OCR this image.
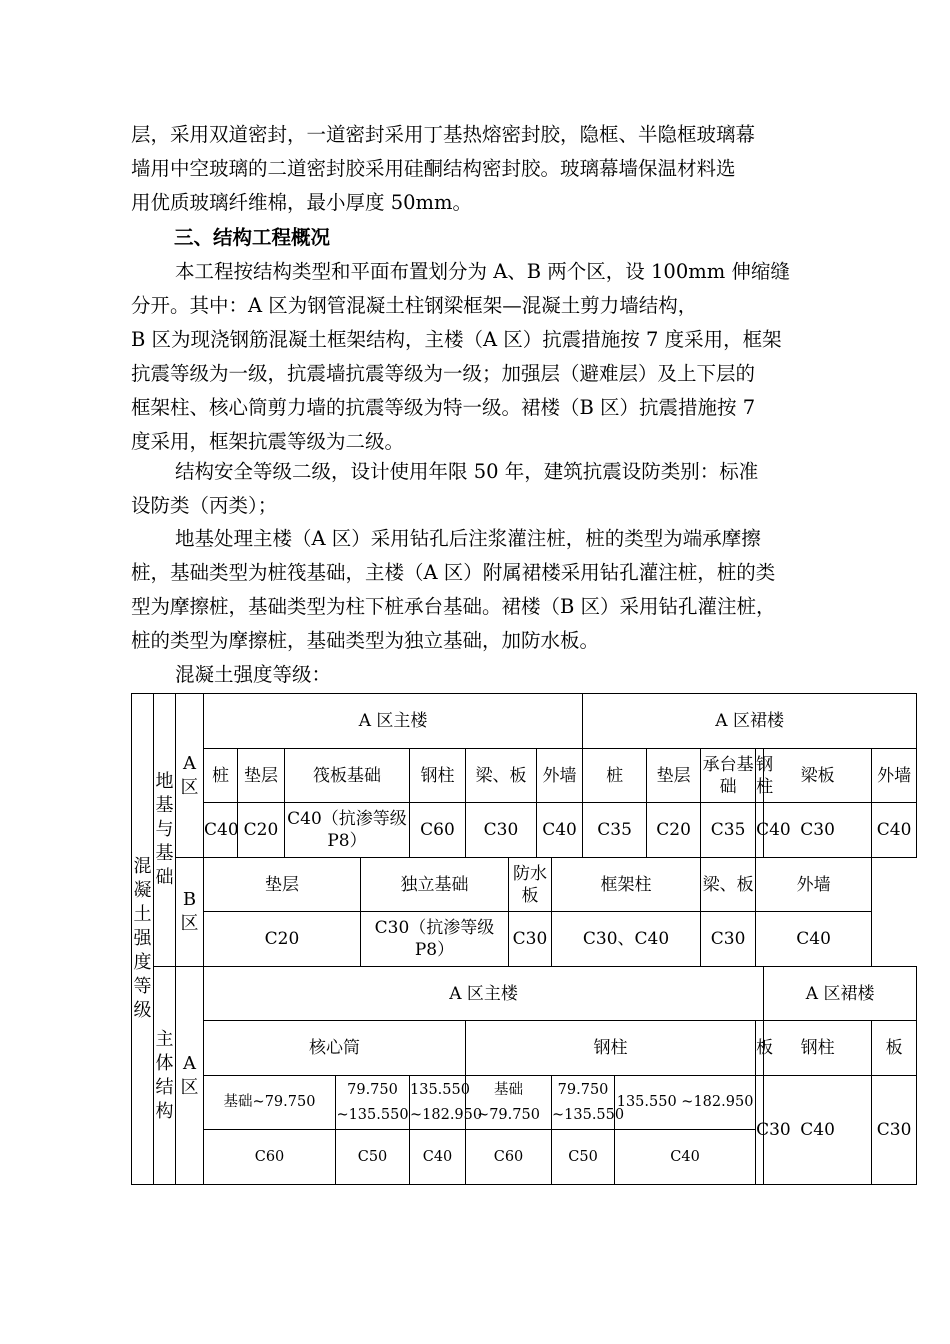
层，采用双道密封，一道密封采用丁基热熔密封胶，隐框、半隐框玻璃幕
墙用中空玻璃的二道密封胶采用硅酮结构密封胶。玻璃幕墙保温材料选
用优质玻璃纤维棉，最小厚度 50mm。

三、结构工程概况

本工程按结构类型和平面布置划分为 A、B 两个区，设 100mm 伸缩缝
分开。其中：A 区为钢管混凝土柱钢梁框架—混凝土剪力墙结构，
B 区为现浇钢筋混凝土框架结构，主楼（A 区）抗震措施按 7 度采用，框架
抗震等级为一级，抗震墙抗震等级为一级；加强层（避难层）及上下层的
框架柱、核心筒剪力墙的抗震等级为特一级。裙楼（B 区）抗震措施按 7
度采用，框架抗震等级为二级。

结构安全等级二级，设计使用年限 50 年，建筑抗震设防类别：标准
设防类（丙类）；

地基处理主楼（A 区）采用钻孔后注浆灌注桩，桩的类型为端承摩擦
桩，基础类型为桩筏基础，主楼（A 区）附属裙楼采用钻孔灌注桩，桩的类
型为摩擦桩，基础类型为柱下桩承台基础。裙楼（B 区）采用钻孔灌注桩，
桩的类型为摩擦桩，基础类型为独立基础，加防水板。

混凝土强度等级：

混凝土强度等级	地基与基础	A区	A 区主楼										A 区裙楼						
			桩	垫层	筏板基础			钢柱	梁、板		外墙		桩		垫层	承台基础	钢柱	梁板	外墙
			C40	C20	C40（抗渗等级P8）			C60	C30		C40		C35		C20	C35	C40	C30	C40
		B区	垫层				独立基础			防水板		框架柱				梁、板	外墙		
			C20				C30（抗渗等级P8）			C30		C30、C40				C30	C40		
	主体结构	A区	A 区主楼															A 区裙楼	
			核心筒						钢柱								板	钢柱	板
			基础~79.750			79.750 ~135.550		135.550 ~182.950	基础 ~79.750			79.750 ~135.550		135.550 ~182.950			C30	C40	C30
			C60			C50		C40	C60			C50		C40					
